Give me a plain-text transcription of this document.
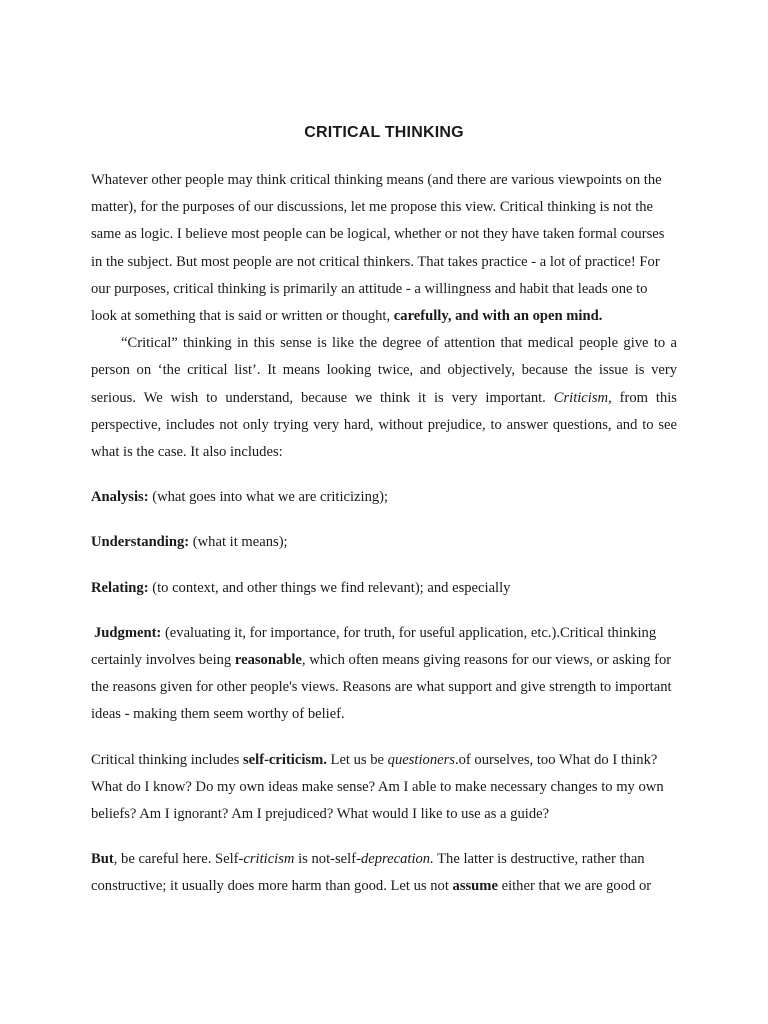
CRITICAL THINKING

Whatever other people may think critical thinking means (and there are various viewpoints on the matter), for the purposes of our discussions, let me propose this view. Critical thinking is not the same as logic. I believe most people can be logical, whether or not they have taken formal courses in the subject. But most people are not critical thinkers. That takes practice - a lot of practice! For our purposes, critical thinking is primarily an attitude - a willingness and habit that leads one to look at something that is said or written or thought, carefully, and with an open mind.

“Critical” thinking in this sense is like the degree of attention that medical people give to a person on ‘the critical list’. It means looking twice, and objectively, because the issue is very serious. We wish to understand, because we think it is very important. Criticism, from this perspective, includes not only trying very hard, without prejudice, to answer questions, and to see what is the case. It also includes:

Analysis: (what goes into what we are criticizing);

Understanding: (what it means);

Relating: (to context, and other things we find relevant); and especially

Judgment: (evaluating it, for importance, for truth, for useful application, etc.).Critical thinking certainly involves being reasonable, which often means giving reasons for our views, or asking for the reasons given for other people's views. Reasons are what support and give strength to important ideas - making them seem worthy of belief.

Critical thinking includes self-criticism. Let us be questioners.of ourselves, too What do I think? What do I know? Do my own ideas make sense? Am I able to make necessary changes to my own beliefs? Am I ignorant? Am I prejudiced? What would I like to use as a guide?

But, be careful here. Self-criticism is not-self-deprecation. The latter is destructive, rather than constructive; it usually does more harm than good. Let us not assume either that we are good or
